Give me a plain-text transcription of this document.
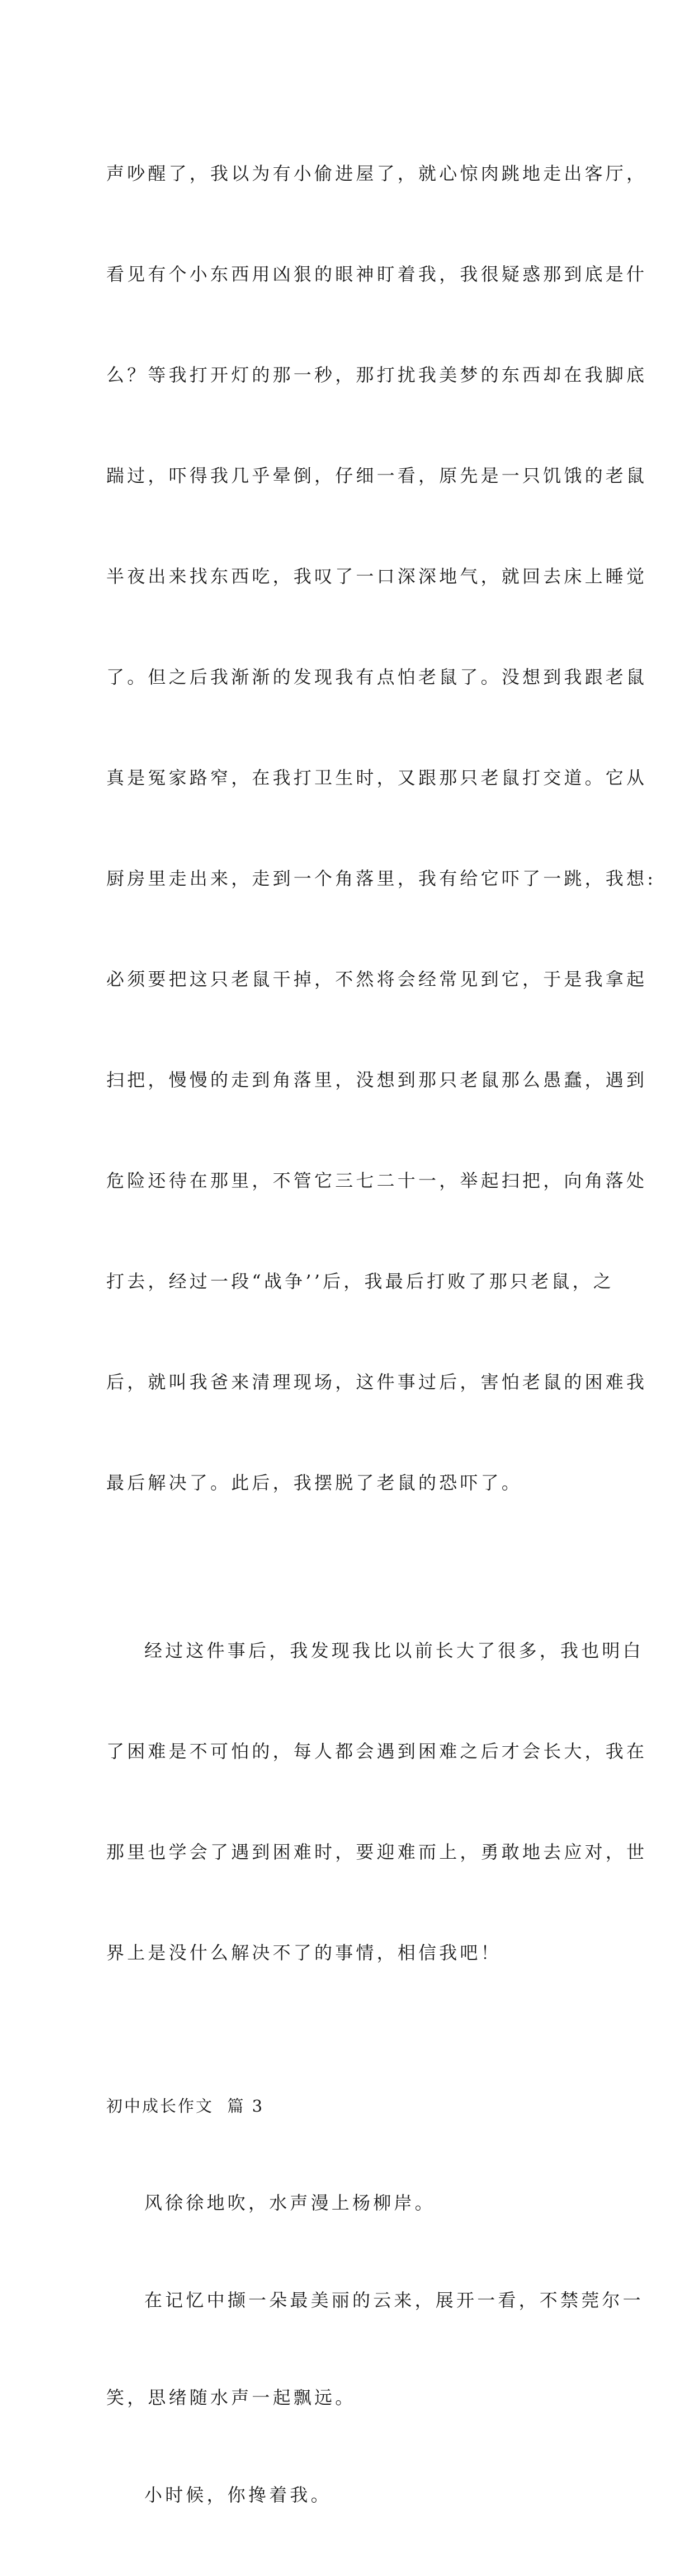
声吵醒了，我以为有小偷进屋了，就心惊肉跳地走出客厅，

看见有个小东西用凶狠的眼神盯着我，我很疑惑那到底是什

么？等我打开灯的那一秒，那打扰我美梦的东西却在我脚底

踹过，吓得我几乎晕倒，仔细一看，原先是一只饥饿的老鼠

半夜出来找东西吃，我叹了一口深深地气，就回去床上睡觉

了。但之后我渐渐的发现我有点怕老鼠了。没想到我跟老鼠

真是冤家路窄，在我打卫生时，又跟那只老鼠打交道。它从

厨房里走出来，走到一个角落里，我有给它吓了一跳，我想:

必须要把这只老鼠干掉，不然将会经常见到它，于是我拿起

扫把，慢慢的走到角落里，没想到那只老鼠那么愚蠢，遇到

危险还待在那里，不管它三七二十一，举起扫把，向角落处

打去，经过一段“战争’’后，我最后打败了那只老鼠，之

后，就叫我爸来清理现场，这件事过后，害怕老鼠的困难我

最后解决了。此后，我摆脱了老鼠的恐吓了。

经过这件事后，我发现我比以前长大了很多，我也明白

了困难是不可怕的，每人都会遇到困难之后才会长大，我在

那里也学会了遇到困难时，要迎难而上，勇敢地去应对，世

界上是没什么解决不了的事情，相信我吧！

初中成长作文  篇 3

风徐徐地吹，水声漫上杨柳岸。

在记忆中撷一朵最美丽的云来，展开一看，不禁莞尔一

笑，思绪随水声一起飘远。

小时候，你搀着我。
